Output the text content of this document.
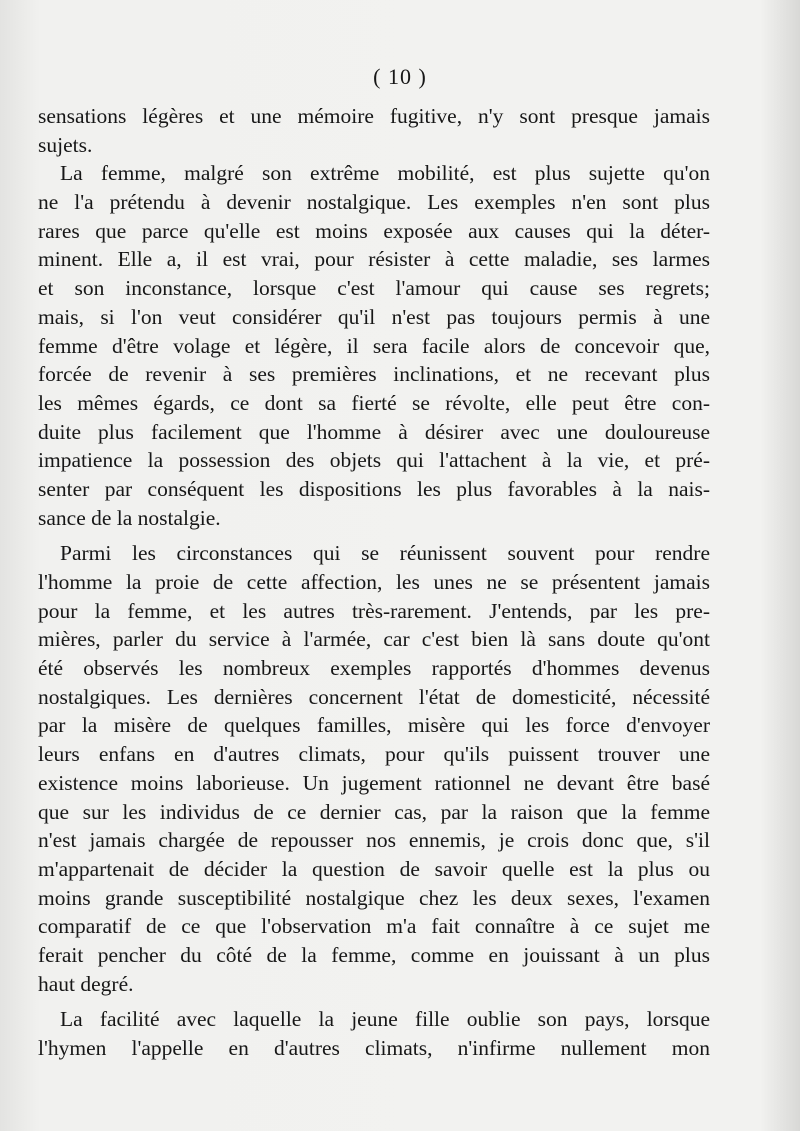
( 10 )
sensations légères et une mémoire fugitive, n'y sont presque jamais
sujets.
La femme, malgré son extrême mobilité, est plus sujette qu'on
ne l'a prétendu à devenir nostalgique. Les exemples n'en sont plus
rares que parce qu'elle est moins exposée aux causes qui la déter-
minent. Elle a, il est vrai, pour résister à cette maladie, ses larmes
et son inconstance, lorsque c'est l'amour qui cause ses regrets;
mais, si l'on veut considérer qu'il n'est pas toujours permis à une
femme d'être volage et légère, il sera facile alors de concevoir que,
forcée de revenir à ses premières inclinations, et ne recevant plus
les mêmes égards, ce dont sa fierté se révolte, elle peut être con-
duite plus facilement que l'homme à désirer avec une douloureuse
impatience la possession des objets qui l'attachent à la vie, et pré-
senter par conséquent les dispositions les plus favorables à la nais-
sance de la nostalgie.
Parmi les circonstances qui se réunissent souvent pour rendre
l'homme la proie de cette affection, les unes ne se présentent jamais
pour la femme, et les autres très-rarement. J'entends, par les pre-
mières, parler du service à l'armée, car c'est bien là sans doute qu'ont
été observés les nombreux exemples rapportés d'hommes devenus
nostalgiques. Les dernières concernent l'état de domesticité, nécessité
par la misère de quelques familles, misère qui les force d'envoyer
leurs enfans en d'autres climats, pour qu'ils puissent trouver une
existence moins laborieuse. Un jugement rationnel ne devant être basé
que sur les individus de ce dernier cas, par la raison que la femme
n'est jamais chargée de repousser nos ennemis, je crois donc que, s'il
m'appartenait de décider la question de savoir quelle est la plus ou
moins grande susceptibilité nostalgique chez les deux sexes, l'examen
comparatif de ce que l'observation m'a fait connaître à ce sujet me
ferait pencher du côté de la femme, comme en jouissant à un plus
haut degré.
La facilité avec laquelle la jeune fille oublie son pays, lorsque
l'hymen l'appelle en d'autres climats, n'infirme nullement mon
